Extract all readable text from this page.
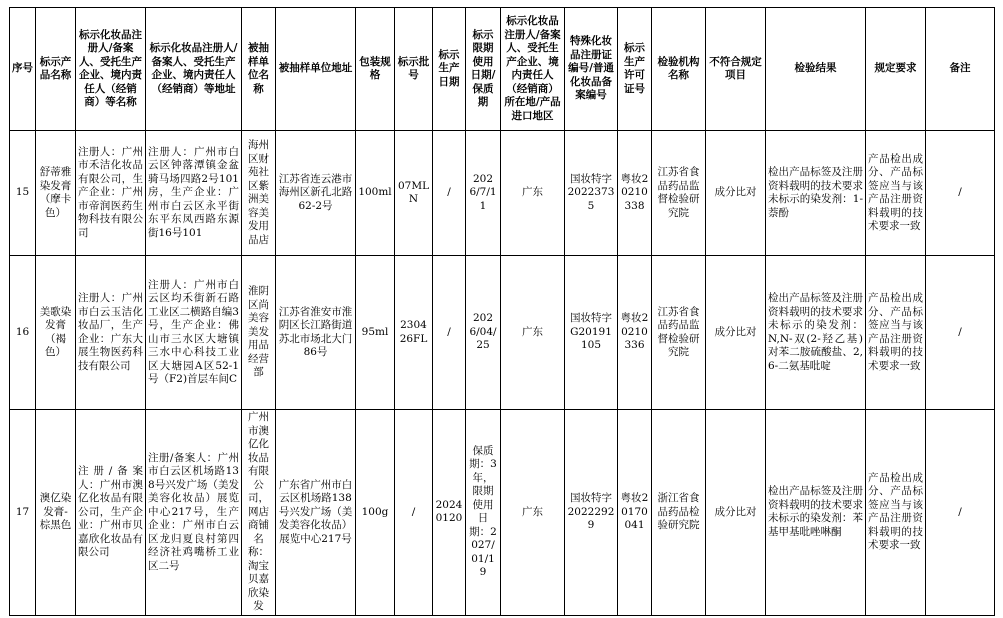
序号	标示产品名称	标示化妆品注册人/备案人、受托生产企业、境内责任人（经销商）等名称	标示化妆品注册人/备案人、受托生产企业、境内责任人（经销商）等地址	被抽样单位名称	被抽样单位地址	包装规格	标示批号	标示生产日期	标示限期使用日期/保质期	标示化妆品注册人/备案人、受托生产企业、境内责任人（经销商）所在地/产品进口地区	特殊化妆品注册证编号/普通化妆品备案编号	标示生产许可证号	检验机构名称	不符合规定项目	检验结果	规定要求	备注
15	舒蒂雅染发膏（摩卡色）	注册人：广州市禾洁化妆品有限公司，生产企业：广州市帝润医药生物科技有限公司	注册人：广州市白云区钟落潭镇金盆骑马场四路2号101房，生产企业：广州市白云区永平街东平东凤西路东源街16号101	海州区财苑社区紫洲美容美发用品店	江苏省连云港市海州区新孔北路62-2号	100ml	07MLN	/	2026/7/11	广东	国妆特字20223735	粤妆20210338	江苏省食品药品监督检验研究院	成分比对	检出产品标签及注册资料载明的技术要求未标示的染发剂：1-萘酚	产品检出成分、产品标签应当与该产品注册资料载明的技术要求一致	/
16	美歌染发膏（褐色）	注册人：广州市白云玉洁化妆品厂，生产企业：广东大展生物医药科技有限公司	注册人：广州市白云区均禾街新石路工业区二横路自编3号，生产企业：佛山市三水区大塘镇三水中心科技工业区大塘园A区52-1号（F2)首层车间C	淮阴区尚美容美发用品经营部	江苏省淮安市淮阴区长江路街道苏北市场北大门86号	95ml	230426FL	/	2026/04/25	广东	国妆特字G20191105	粤妆20210336	江苏省食品药品监督检验研究院	成分比对	检出产品标签及注册资料载明的技术要求未标示的染发剂：N,N-双(2-羟乙基)对苯二胺硫酸盐、2,6-二氨基吡啶	产品检出成分、产品标签应当与该产品注册资料载明的技术要求一致	/
17	澳亿染发膏-棕黑色	注册/备案人：广州市澳亿化妆品有限公司，生产企业：广州市贝嘉欣化妆品有限公司	注册/备案人：广州市白云区机场路138号兴发广场（美发美容化妆品）展览中心217号，生产企业：广州市白云区龙归夏良村第四经济社鸡嘴桥工业区二号	广州市澳亿化妆品有限公司，网店商铺名称：淘宝贝嘉欣染发	广东省广州市白云区机场路138号兴发广场（美发美容化妆品）展览中心217号	100g	/	20240120	保质期：3年，限期使用日期：2027/01/19	广东	国妆特字20222929	粤妆20170041	浙江省食品药品检验研究院	成分比对	检出产品标签及注册资料载明的技术要求未标示的染发剂：苯基甲基吡唑啉酮	产品检出成分、产品标签应当与该产品注册资料载明的技术要求一致	/
